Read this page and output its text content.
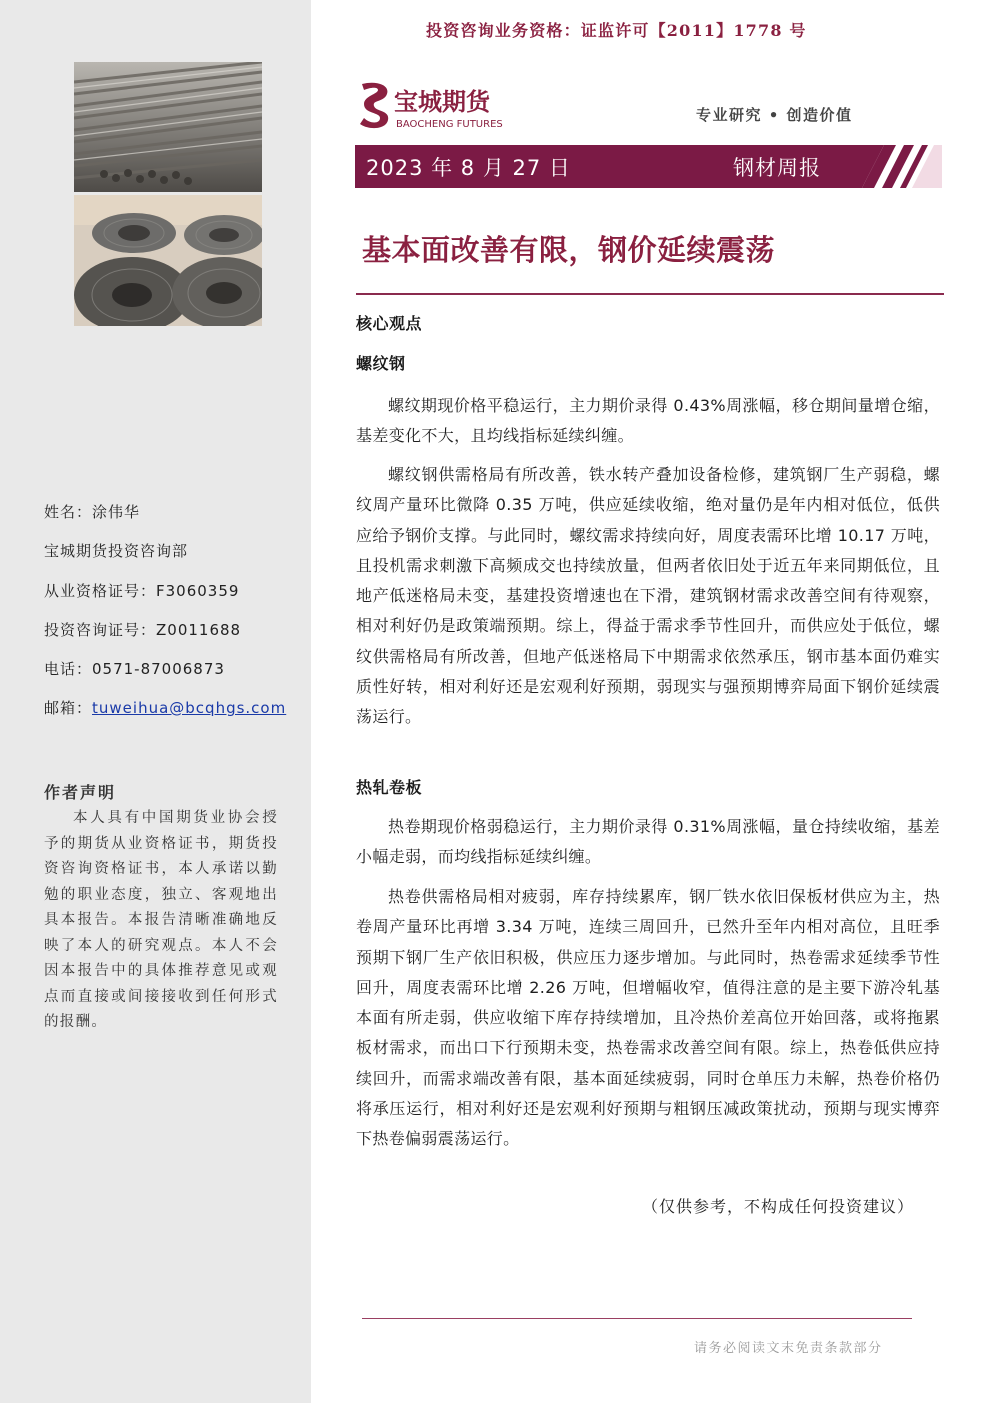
姓名：涂伟华
宝城期货投资咨询部
从业资格证号：F3060359
投资咨询证号：Z0011688
电话：0571-87006873
邮箱：tuweihua@bcqhgs.com
作者声明
本人具有中国期货业协会授予的期货从业资格证书，期货投资咨询资格证书，本人承诺以勤勉的职业态度，独立、客观地出具本报告。本报告清晰准确地反映了本人的研究观点。本人不会因本报告中的具体推荐意见或观点而直接或间接接收到任何形式的报酬。
投资咨询业务资格：证监许可【2011】1778 号
宝城期货
BAOCHENG FUTURES
专业研究 • 创造价值
2023 年 8 月 27 日	钢材周报
基本面改善有限，钢价延续震荡
核心观点
螺纹钢
螺纹期现价格平稳运行，主力期价录得 0.43%周涨幅，移仓期间量增仓缩，基差变化不大，且均线指标延续纠缠。
螺纹钢供需格局有所改善，铁水转产叠加设备检修，建筑钢厂生产弱稳，螺纹周产量环比微降 0.35 万吨，供应延续收缩，绝对量仍是年内相对低位，低供应给予钢价支撑。与此同时，螺纹需求持续向好，周度表需环比增 10.17 万吨，且投机需求刺激下高频成交也持续放量，但两者依旧处于近五年来同期低位，且地产低迷格局未变，基建投资增速也在下滑，建筑钢材需求改善空间有待观察，相对利好仍是政策端预期。综上，得益于需求季节性回升，而供应处于低位，螺纹供需格局有所改善，但地产低迷格局下中期需求依然承压，钢市基本面仍难实质性好转，相对利好还是宏观利好预期，弱现实与强预期博弈局面下钢价延续震荡运行。
热轧卷板
热卷期现价格弱稳运行，主力期价录得 0.31%周涨幅，量仓持续收缩，基差小幅走弱，而均线指标延续纠缠。
热卷供需格局相对疲弱，库存持续累库，钢厂铁水依旧保板材供应为主，热卷周产量环比再增 3.34 万吨，连续三周回升，已然升至年内相对高位，且旺季预期下钢厂生产依旧积极，供应压力逐步增加。与此同时，热卷需求延续季节性回升，周度表需环比增 2.26 万吨，但增幅收窄，值得注意的是主要下游冷轧基本面有所走弱，供应收缩下库存持续增加，且冷热价差高位开始回落，或将拖累板材需求，而出口下行预期未变，热卷需求改善空间有限。综上，热卷低供应持续回升，而需求端改善有限，基本面延续疲弱，同时仓单压力未解，热卷价格仍将承压运行，相对利好还是宏观利好预期与粗钢压减政策扰动，预期与现实博弈下热卷偏弱震荡运行。
（仅供参考，不构成任何投资建议）
请务必阅读文末免责条款部分
